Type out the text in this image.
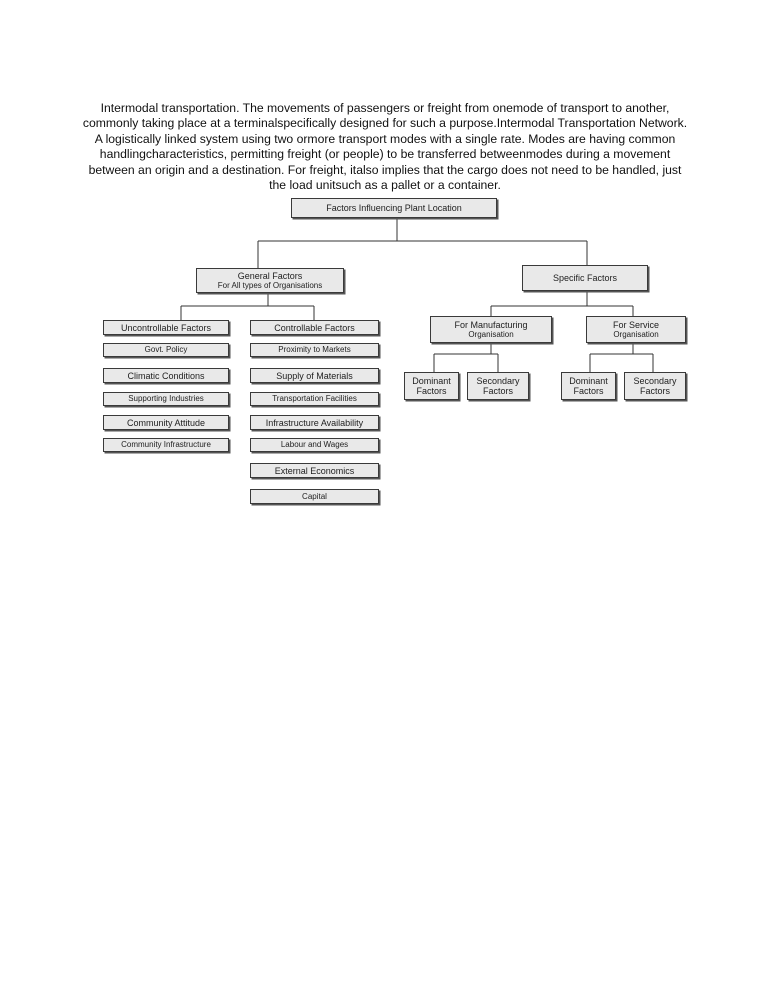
Intermodal transportation. The movements of passengers or freight from onemode of transport to another, commonly taking place at a terminalspecifically designed for such a purpose.Intermodal Transportation Network. A logistically linked system using two ormore transport modes with a single rate. Modes are having common handlingcharacteristics, permitting freight (or people) to be transferred betweenmodes during a movement between an origin and a destination. For freight, italso implies that the cargo does not need to be handled, just the load unitsuch as a pallet or a container.

Factors Influencing Plant Location
General Factors
For All types of Organisations
Specific Factors
Uncontrollable Factors
Govt. Policy
Climatic Conditions
Supporting Industries
Community Attitude
Community Infrastructure
Controllable Factors
Proximity to Markets
Supply of Materials
Transportation Facilities
Infrastructure Availability
Labour and Wages
External Economics
Capital
For Manufacturing
Organisation
Dominant Factors
Secondary Factors
For Service
Organisation
Dominant Factors
Secondary Factors
